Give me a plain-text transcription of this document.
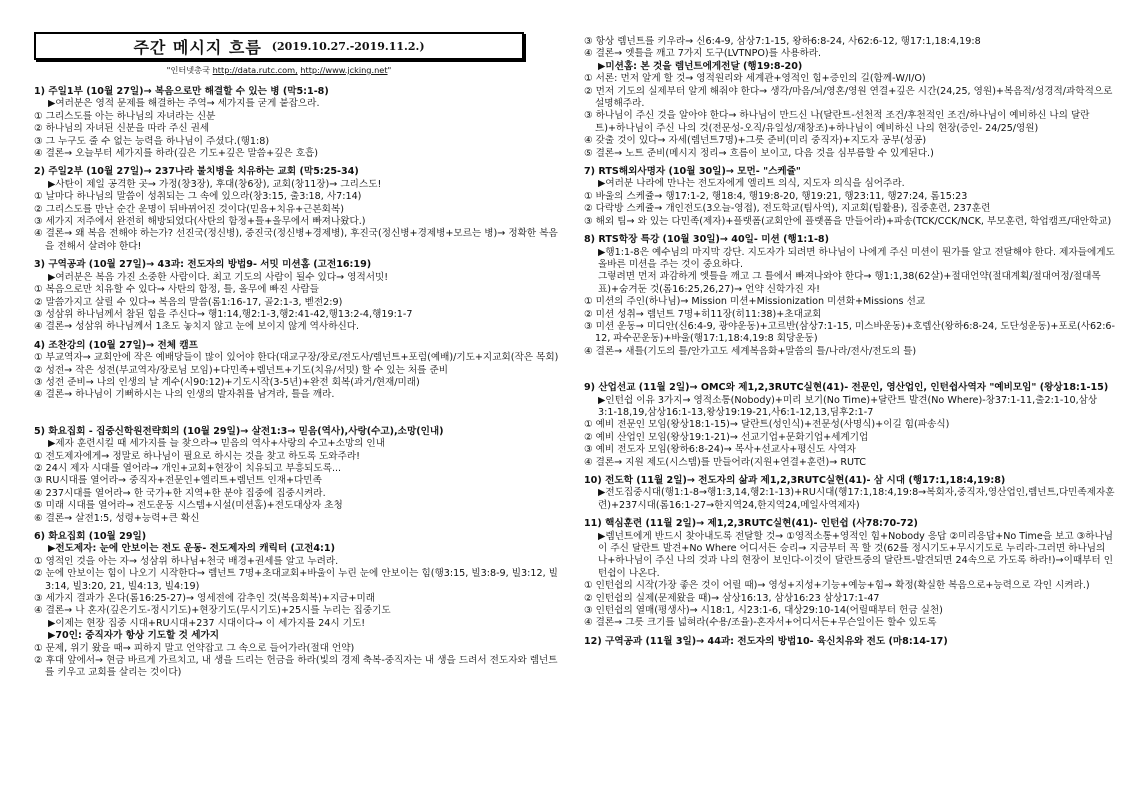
주간 메시지 흐름 (2019.10.27.-2019.11.2.)
"인터넷총국 http://data.rutc.com, http://www.jcking.net"
1) 주일1부 (10월 27일)→ 복음으로만 해결할 수 있는 병 (막5:1-8)
▶여러분은 영적 문제를 해결하는 주역→ 세가지를 굳게 붙잡으라.
① 그리스도를 아는 하나님의 자녀라는 신분
② 하나님의 자녀된 신분을 따라 주신 권세
③ 그 누구도 줄 수 없는 능력을 하나님이 주셨다.(행1:8)
④ 결론→ 오늘부터 세가지를 하라(깊은 기도+깊은 말씀+깊은 호흡)
2) 주일2부 (10월 27일)→ 237나라 불치병을 치유하는 교회 (막5:25-34)
▶사탄이 제일 공격한 곳→ 가정(창3장), 후대(창6장), 교회(창11장)→ 그리스도!
① 날마다 하나님의 말씀이 성취되는 그 속에 있으라(창3:15, 출3:18, 사7:14)
② 그리스도를 만난 순간 운명이 뒤바뀌어진 것이다(믿음+치유+근본회복)
③ 세가지 저주에서 완전히 해방되었다(사탄의 함정+틀+올무에서 빠져나왔다.)
④ 결론→ 왜 복음 전해야 하는가? 선진국(정신병), 중진국(정신병+경제병), 후진국(정신병+경제병+모르는 병)→ 정확한 복음을 전해서 살려야 한다!
3) 구역공과 (10월 27일)→ 43과: 전도자의 방법9- 서밋 미션홈 (고전16:19)
▶여러분은 복음 가진 소중한 사람이다. 최고 기도의 사람이 될수 있다→ 영적서밋!
① 복음으로만 치유할 수 있다→ 사탄의 함정, 틀, 올무에 빠진 사람들
② 말씀가지고 살릴 수 있다→ 복음의 말씀(롬1:16-17, 골2:1-3, 벧전2:9)
③ 성삼위 하나님께서 참된 힘을 주신다→ 행1:14,행2:1-3,행2:41-42,행13:2-4,행19:1-7
④ 결론→ 성삼위 하나님께서 1초도 놓치지 않고 눈에 보이지 않게 역사하신다.
4) 조찬강의 (10월 27일)→ 전체 캠프
① 부교역자→ 교회안에 작은 예배당들이 많이 있어야 한다(대교구장/장로/전도사/렘넌트+포럼(예배)/기도+지교회(작은 목회)
② 성전→ 작은 성전(부교역자/장로님 모임)+다민족+렘넌트+기도(치유/서밋) 할 수 있는 처를 준비
③ 성전 준비→ 나의 인생의 날 계수(시90:12)+기도시작(3-5년)+완전 회복(과거/현재/미래)
④ 결론→ 하나님이 기뻐하시는 나의 인생의 발자취를 남겨라, 틀을 깨라.
5) 화요집회 - 집중신학원전략회의 (10월 29일)→ 살전1:3→ 믿음(역사),사랑(수고),소망(인내)
▶제자 훈련시킬 때 세가지를 늘 찾으라→ 믿음의 역사+사랑의 수고+소망의 인내
① 전도제자에게→ 정말로 하나님이 필요로 하시는 것을 찾고 하도록 도와주라!
② 24시 제자 시대를 열어라→ 개인+교회+현장이 치유되고 부흥되도록...
③ RU시대를 열어라→ 중직자+전문인+엘리트+렘넌트 인재+다민족
④ 237시대를 열어라→ 한 국가+한 지역+한 분야 집중에 집중시켜라.
⑤ 미래 시대를 열어라→ 전도운동 시스템+시설(미션홈)+전도대상자 초청
⑥ 결론→ 살전1:5, 성령+능력+큰 확신
6) 화요집회 (10월 29일)
▶전도제자: 눈에 안보이는 전도 운동- 전도제자의 캐릭터 (고전4:1)
① 영적인 것을 아는 자→ 성삼위 하나님+천국 배경+권세를 알고 누려라.
② 눈에 안보이는 힘이 나오기 시작한다→ 렘넌트 7명+초대교회+바울이 누린 눈에 안보이는 힘(행3:15, 빌3:8-9, 빌3:12, 빌3:14, 빌3:20, 21, 빌4:13, 빌4:19)
③ 세가지 결과가 온다(롬16:25-27)→ 영세전에 감추인 것(복음회복)+지금+미래
④ 결론→ 나 혼자(깊은기도-정시기도)+현장기도(무시기도)+25시를 누리는 집중기도
▶이제는 현장 집중 시대+RU시대+237 시대이다→ 이 세가지를 24시 기도!
▶70인: 중직자가 항상 기도할 것 세가지
① 문제, 위기 왔을 때→ 피하지 말고 언약잡고 그 속으로 들어가라(절대 언약)
② 후대 앞에서→ 현금 바르게 가르치고, 내 생을 드리는 헌금을 하라(빛의 경제 축복-중직자는 내 생을 드려서 전도자와 렘넌트를 키우고 교회를 살리는 것이다)
③ 항상 렘넌트를 키우라→ 신6:4-9, 삼상7:1-15, 왕하6:8-24, 사62:6-12, 행17:1,18:4,19:8
④ 결론→ 엣틀을 깨고 7가지 도구(LVTNPO)를 사용하라.
▶미션홈: 본 것을 렘넌트에게전달 (행19:8-20)
① 서론: 먼저 알게 할 것→ 영적원리와 세계관+영적인 힘+증인의 길(함께-W/I/O)
② 먼저 기도의 실제부터 알게 해줘야 한다→ 생각/마음/뇌/영혼/영원 연결+깊은 시간(24,25, 영원)+복음적/성경적/과학적으로 설명해주라.
③ 하나님이 주신 것을 알아야 한다→ 하나님이 만드신 나(달란트-선천적 조건/후천적인 조건/하나님이 예비하신 나의 달란트)+하나님이 주신 나의 것(전문성-오직/유일성/재창조)+하나님이 예비하신 나의 현장(증인- 24/25/영원)
④ 갖출 것이 있다→ 자세(렘넌트7명)+그릇 준비(미리 중직자)+지도자 공부(성공)
⑤ 결론→ 노트 준비(메시지 정리→ 흐름이 보이고, 다음 것을 심부름할 수 있게된다.)
7) RTS해외사명자 (10월 30일)→ 모먼- "스케쥴"
▶여러분 나라에 만나는 전도자에게 엘리트 의식, 지도자 의식을 심어주라.
① 바울의 스케쥴→ 행17:1-2, 행18:4, 행19:8-20, 행19:21, 행23:11, 행27:24, 롬15:23
② 다락방 스케쥴→ 개인전도(3오늘-영접), 전도학교(팀사역), 지교회(팀활용), 집중훈련, 237훈련
③ 해외 팀→ 와 있는 다민족(제자)+플랫폼(교회안에 플랫폼을 만들어라)+파송(TCK/CCK/NCK, 부모훈련, 학업캠프/대안학교)
8) RTS학장 특강 (10월 30일)→ 40일- 미션 (행1:1-8)
▶행1:1-8은 예수님의 마지막 강단. 지도자가 되려면 하나님이 나에게 주신 미션이 뭔가를 알고 전달해야 한다. 제자들에게도 올바른 미션을 주는 것이 중요하다.
그렇려면 먼저 과감하게 엣틀을 깨고 그 틀에서 빠져나와야 한다→ 행1:1,38(62살)+절대언약(절대계획/절대여정/절대목표)+숨겨둔 것(롬16:25,26,27)→ 언약 신학가진 자!
① 미션의 주인(하나님)→ Mission 미션+Missionization 미션화+Missions 선교
② 미션 성취→ 렘넌트 7명+히11장(히11:38)+초대교회
③ 미션 운동→ 미디안(신6:4-9, 광야운동)+고르반(삼상7:1-15, 미스바운동)+호렙산(왕하6:8-24, 도단성운동)+포로(사62:6-12, 파수꾼운동)+바울(행17:1,18:4,19:8 회당운동)
④ 결론→ 새틀(기도의 틀/안가고도 세계복음화+말씀의 틀/나라/전사/전도의 틀)
9) 산업선교 (11월 2일)→ OMC와 제1,2,3RUTC실현(41)- 전문인, 영산업인, 인턴쉽사역자 "예비모임" (왕상18:1-15)
▶인턴쉽 이유 3가지→ 영적소통(Nobody)+미리 보기(No Time)+달란트 발견(No Where)-창37:1-11,출2:1-10,삼상3:1-18,19,삼상16:1-13,왕상19:19-21,사6:1-12,13,딤후2:1-7
① 예비 전문인 모임(왕상18:1-15)→ 달란트(성인식)+전문성(사명식)+이길 힘(파송식)
② 예비 산업인 모임(왕상19:1-21)→ 선교기업+문화기업+세계기업
③ 예비 전도자 모임(왕하6:8-24)→ 목사+선교사+평신도 사역자
④ 결론→ 지원 제도(시스템)를 만들어라(지원+연결+훈련)→ RUTC
10) 전도학 (11월 2일)→ 전도자의 삶과 제1,2,3RUTC실현(41)- 삼 시대 (행17:1,18:4,19:8)
▶전도집중시대(행1:1-8→행1:3,14,행2:1-13)+RU시대(행17:1,18:4,19:8→복회자,중직자,영산업인,렘넌트,다민족제자훈련)+237시대(롬16:1-27→한지역24,한지역24,메일사역제자)
11) 핵심훈련 (11월 2일)→ 제1,2,3RUTC실현(41)- 인턴쉽 (사78:70-72)
▶렘넌트에게 반드시 찾아내도록 전달할 것→ ①영적소통+영적인 힘+Nobody 응답 ②미리응답+No Time을 보고 ③하나님이 주신 달란트 발견+No Where 어디서든 승리→ 지금부터 꼭 할 것(62를 정시기도+무시기도로 누리라-그러면 하나님의 나+하나님이 주신 나의 것과 나의 현장이 보인다-이것이 달란트중의 달란트-발견되면 24속으로 가도록 하라!)→이때부터 인턴쉽이 나온다.
① 인턴쉽의 시작(가장 좋은 것이 어릴 때)→ 영성+지성+기능+예능+힘→ 확정(확실한 복음으로+능력으로 각인 시켜라.)
② 인턴쉽의 실제(문제왔을 때)→ 삼상16:13, 삼상16:23 삼상17:1-47
③ 인턴쉽의 열매(평생사)→ 시18:1, 시23:1-6, 대상29:10-14(어릴때부터 헌금 실천)
④ 결론→ 그릇 크기를 넓혀라(수용/조율)-혼자서+어디서든+무슨일이든 할수 있도록
12) 구역공과 (11월 3일)→ 44과: 전도자의 방법10- 육신치유와 전도 (마8:14-17)
